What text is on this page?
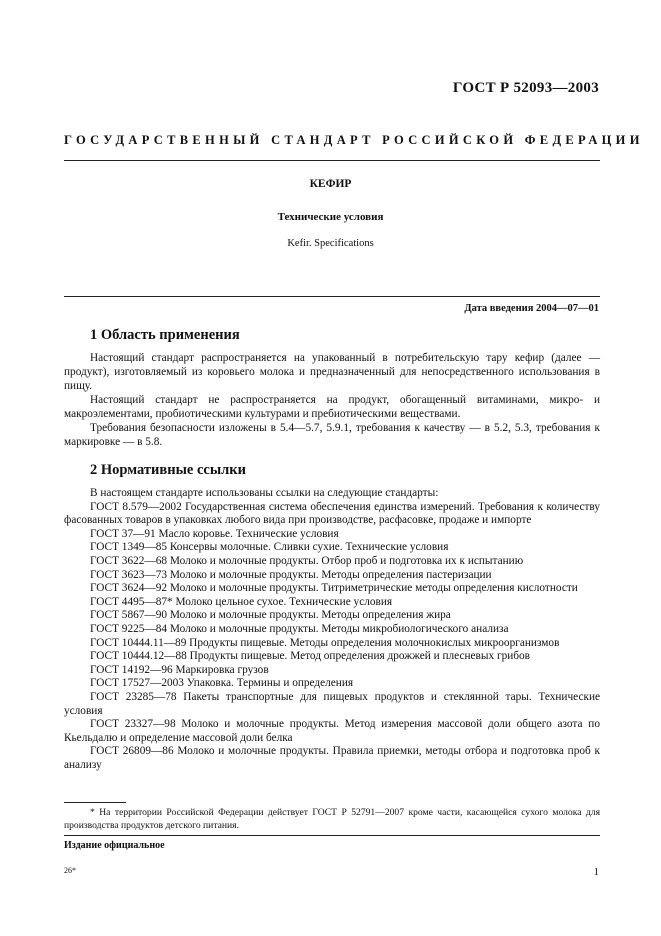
ГОСТ Р 52093—2003
ГОСУДАРСТВЕННЫЙ СТАНДАРТ РОССИЙСКОЙ ФЕДЕРАЦИИ
КЕФИР
Технические условия
Kefir. Specifications
Дата введения 2004—07—01
1 Область применения

Настоящий стандарт распространяется на упакованный в потребительскую тару кефир (далее — продукт), изготовляемый из коровьего молока и предназначенный для непосредственного использования в пищу.

Настоящий стандарт не распространяется на продукт, обогащенный витаминами, микро- и макроэлементами, пробиотическими культурами и пребиотическими веществами.

Требования безопасности изложены в 5.4—5.7, 5.9.1, требования к качеству — в 5.2, 5.3, требования к маркировке — в 5.8.

2 Нормативные ссылки

В настоящем стандарте использованы ссылки на следующие стандарты:

ГОСТ 8.579—2002 Государственная система обеспечения единства измерений. Требования к количеству фасованных товаров в упаковках любого вида при производстве, расфасовке, продаже и импорте

ГОСТ 37—91 Масло коровье. Технические условия

ГОСТ 1349—85 Консервы молочные. Сливки сухие. Технические условия

ГОСТ 3622—68 Молоко и молочные продукты. Отбор проб и подготовка их к испытанию

ГОСТ 3623—73 Молоко и молочные продукты. Методы определения пастеризации

ГОСТ 3624—92 Молоко и молочные продукты. Титриметрические методы определения кислотности

ГОСТ 4495—87* Молоко цельное сухое. Технические условия

ГОСТ 5867—90 Молоко и молочные продукты. Методы определения жира

ГОСТ 9225—84 Молоко и молочные продукты. Методы микробиологического анализа

ГОСТ 10444.11—89 Продукты пищевые. Методы определения молочнокислых микроорганизмов

ГОСТ 10444.12—88 Продукты пищевые. Метод определения дрожжей и плесневых грибов

ГОСТ 14192—96 Маркировка грузов

ГОСТ 17527—2003 Упаковка. Термины и определения

ГОСТ 23285—78 Пакеты транспортные для пищевых продуктов и стеклянной тары. Технические условия

ГОСТ 23327—98 Молоко и молочные продукты. Метод измерения массовой доли общего азота по Кьельдалю и определение массовой доли белка

ГОСТ 26809—86 Молоко и молочные продукты. Правила приемки, методы отбора и подготовка проб к анализу

* На территории Российской Федерации действует ГОСТ Р 52791—2007 кроме части, касающейся сухого молока для производства продуктов детского питания.

Издание официальное
26*	1
